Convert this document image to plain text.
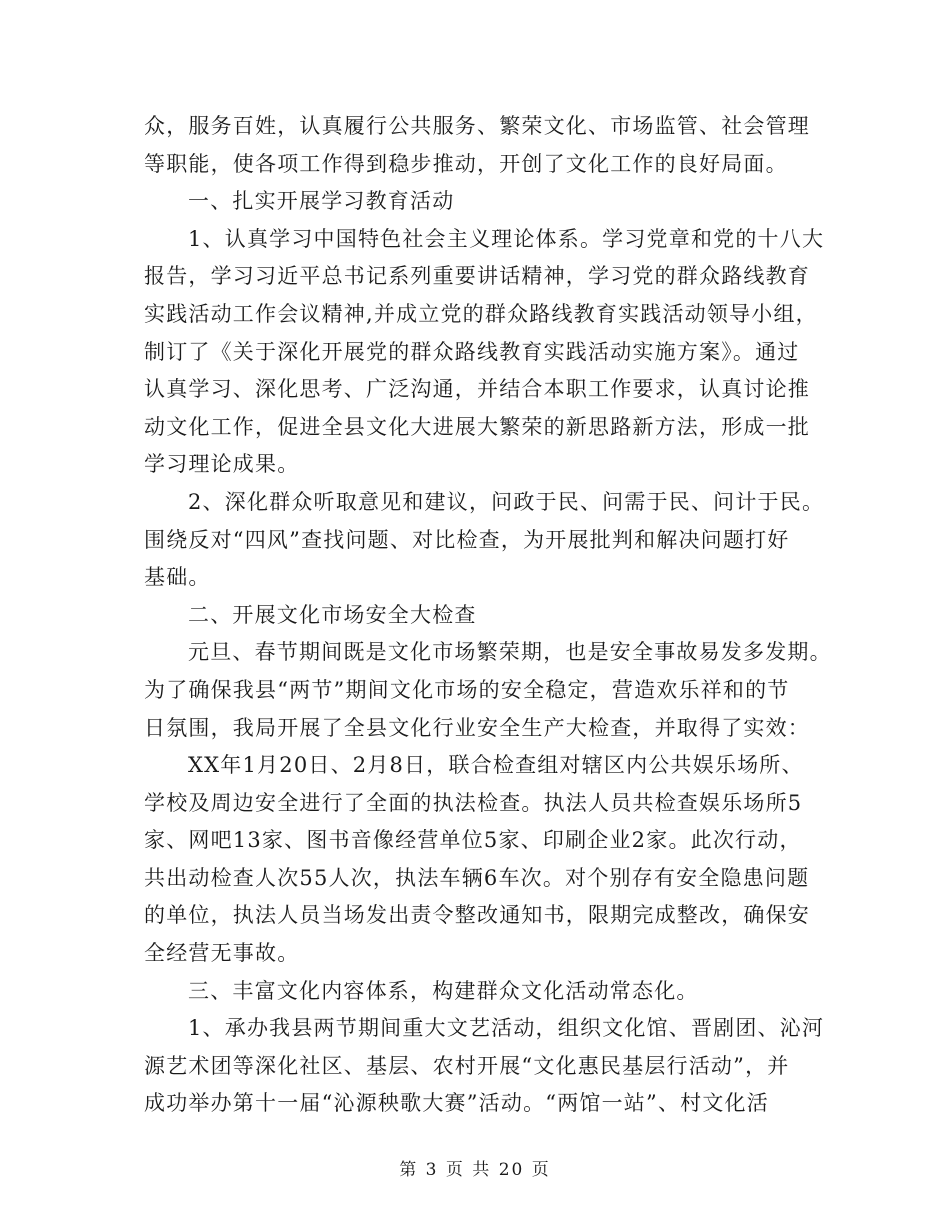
众，服务百姓，认真履行公共服务、繁荣文化、市场监管、社会管理
等职能，使各项工作得到稳步推动，开创了文化工作的良好局面。
一、扎实开展学习教育活动
1、认真学习中国特色社会主义理论体系。学习党章和党的十八大
报告，学习习近平总书记系列重要讲话精神，学习党的群众路线教育
实践活动工作会议精神,并成立党的群众路线教育实践活动领导小组，
制订了《关于深化开展党的群众路线教育实践活动实施方案》。通过
认真学习、深化思考、广泛沟通，并结合本职工作要求，认真讨论推
动文化工作，促进全县文化大进展大繁荣的新思路新方法，形成一批
学习理论成果。
2、深化群众听取意见和建议，问政于民、问需于民、问计于民。
围绕反对“四风”查找问题、对比检查，为开展批判和解决问题打好
基础。
二、开展文化市场安全大检查
元旦、春节期间既是文化市场繁荣期，也是安全事故易发多发期。
为了确保我县“两节”期间文化市场的安全稳定，营造欢乐祥和的节
日氛围，我局开展了全县文化行业安全生产大检查，并取得了实效：
XX年1月20日、2月8日，联合检查组对辖区内公共娱乐场所、
学校及周边安全进行了全面的执法检查。执法人员共检查娱乐场所5
家、网吧13家、图书音像经营单位5家、印刷企业2家。此次行动，
共出动检查人次55人次，执法车辆6车次。对个别存有安全隐患问题
的单位，执法人员当场发出责令整改通知书，限期完成整改，确保安
全经营无事故。
三、丰富文化内容体系，构建群众文化活动常态化。
1、承办我县两节期间重大文艺活动，组织文化馆、晋剧团、沁河
源艺术团等深化社区、基层、农村开展“文化惠民基层行活动”，并
成功举办第十一届“沁源秧歌大赛”活动。“两馆一站”、村文化活
第 3 页 共 20 页
